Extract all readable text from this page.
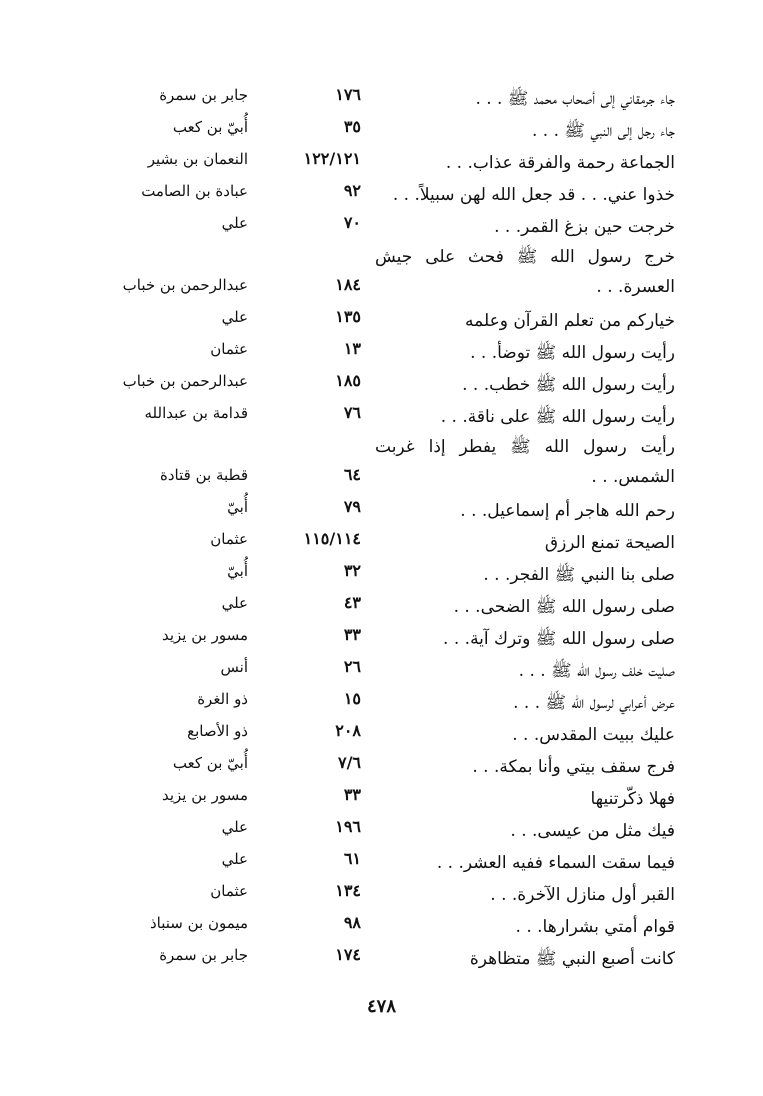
جاء جرمقاني إلى أصحاب محمد ﷺ . . .
١٧٦
جابر بن سمرة
جاء رجل إلى النبي ﷺ . . .
٣٥
أُبيّ بن كعب
الجماعة رحمة والفرقة عذاب. . .
١٢٢/١٢١
النعمان بن بشير
خذوا عني. . . قد جعل الله لهن سبيلاً. . .
٩٢
عبادة بن الصامت
خرجت حين بزغ القمر. . .
٧٠
علي
خرج رسول الله ﷺ فحث على جيش العسرة. . .
١٨٤
عبدالرحمن بن خباب
خياركم من تعلم القرآن وعلمه
١٣٥
علي
رأيت رسول الله ﷺ توضأ. . .
١٣
عثمان
رأيت رسول الله ﷺ خطب. . .
١٨٥
عبدالرحمن بن خباب
رأيت رسول الله ﷺ على ناقة. . .
٧٦
قدامة بن عبدالله
رأيت رسول الله ﷺ يفطر إذا غربت الشمس. . .
٦٤
قطبة بن قتادة
رحم الله هاجر أم إسماعيل. . .
٧٩
أُبيّ
الصيحة تمنع الرزق
١١٥/١١٤
عثمان
صلى بنا النبي ﷺ الفجر. . .
٣٢
أُبيّ
صلى رسول الله ﷺ الضحى. . .
٤٣
علي
صلى رسول الله ﷺ وترك آية. . .
٣٣
مسور بن يزيد
صليت خلف رسول الله ﷺ . . .
٢٦
أنس
عرض أعرابي لرسول الله ﷺ . . .
١٥
ذو الغرة
عليك ببيت المقدس. . .
٢٠٨
ذو الأصابع
فرج سقف بيتي وأنا بمكة. . .
٧/٦
أُبيّ بن كعب
فهلا ذكّرتنيها
٣٣
مسور بن يزيد
فيك مثل من عيسى. . .
١٩٦
علي
فيما سقت السماء ففيه العشر. . .
٦١
علي
القبر أول منازل الآخرة. . .
١٣٤
عثمان
قوام أمتي بشرارها. . .
٩٨
ميمون بن سنباذ
كانت أصبع النبي ﷺ متظاهرة
١٧٤
جابر بن سمرة
٤٧٨
